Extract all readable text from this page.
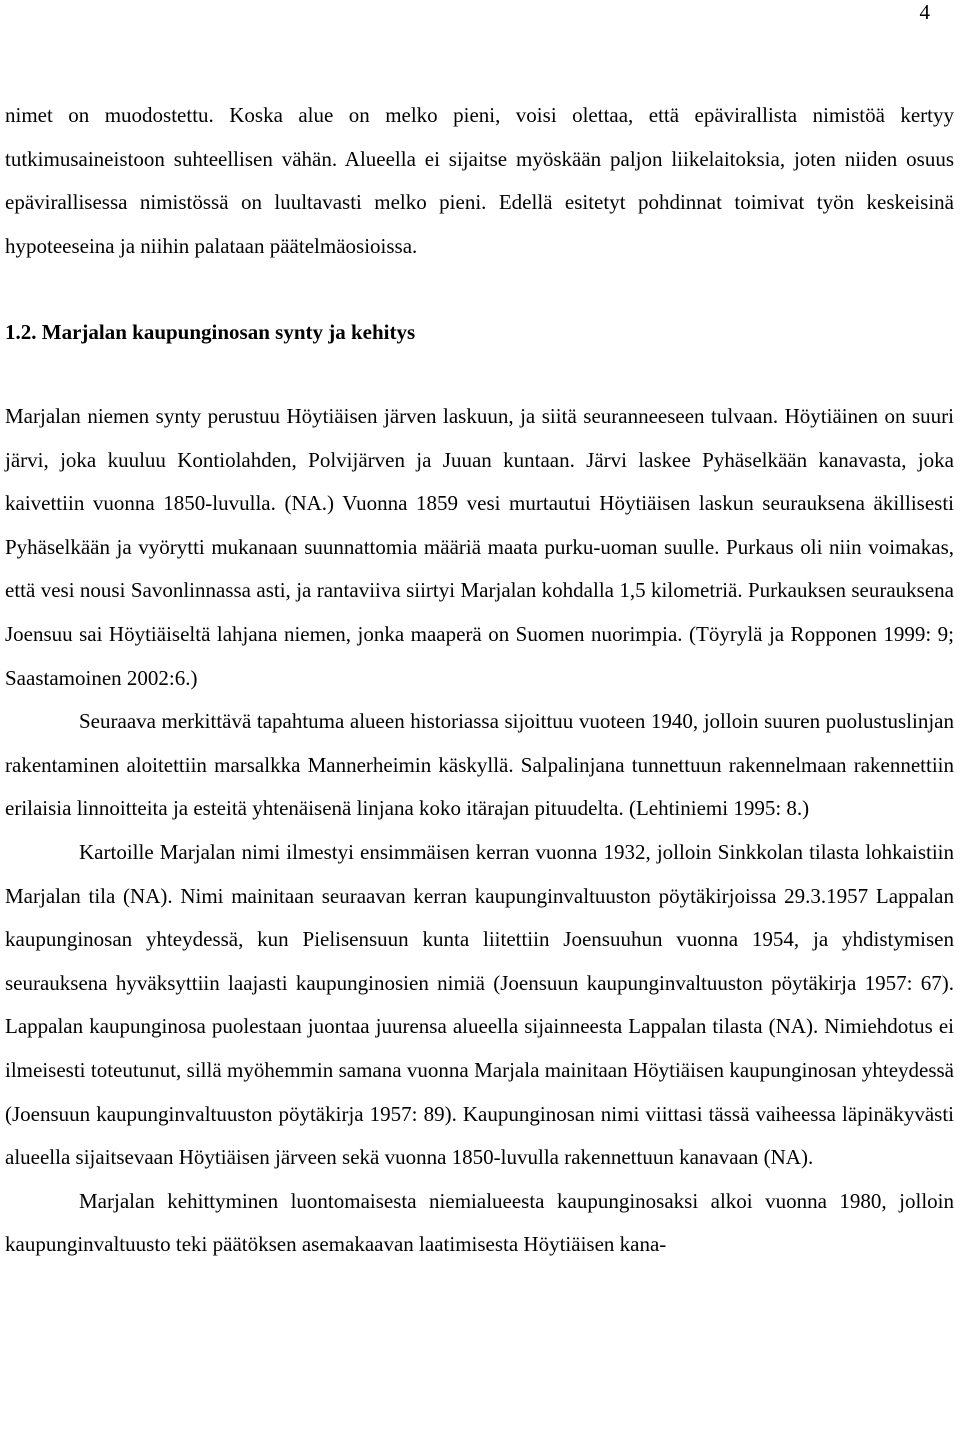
4

nimet on muodostettu. Koska alue on melko pieni, voisi olettaa, että epävirallista nimistöä kertyy tutkimusaineistoon suhteellisen vähän. Alueella ei sijaitse myöskään paljon liikelaitoksia, joten niiden osuus epävirallisessa nimistössä on luultavasti melko pieni. Edellä esitetyt pohdinnat toimivat työn keskeisinä hypoteeseina ja niihin palataan päätelmäosioissa.

1.2. Marjalan kaupunginosan synty ja kehitys

Marjalan niemen synty perustuu Höytiäisen järven laskuun, ja siitä seuranneeseen tulvaan. Höytiäinen on suuri järvi, joka kuuluu Kontiolahden, Polvijärven ja Juuan kuntaan. Järvi laskee Pyhäselkään kanavasta, joka kaivettiin vuonna 1850-luvulla. (NA.) Vuonna 1859 vesi murtautui Höytiäisen laskun seurauksena äkillisesti Pyhäselkään ja vyörytti mukanaan suunnattomia määriä maata purku-uoman suulle. Purkaus oli niin voimakas, että vesi nousi Savonlinnassa asti, ja rantaviiva siirtyi Marjalan kohdalla 1,5 kilometriä. Purkauksen seurauksena Joensuu sai Höytiäiseltä lahjana niemen, jonka maaperä on Suomen nuorimpia. (Töyrylä ja Ropponen 1999: 9; Saastamoinen 2002:6.)

Seuraava merkittävä tapahtuma alueen historiassa sijoittuu vuoteen 1940, jolloin suuren puolustuslinjan rakentaminen aloitettiin marsalkka Mannerheimin käskyllä. Salpalinjana tunnettuun rakennelmaan rakennettiin erilaisia linnoitteita ja esteitä yhtenäisenä linjana koko itärajan pituudelta. (Lehtiniemi 1995: 8.)

Kartoille Marjalan nimi ilmestyi ensimmäisen kerran vuonna 1932, jolloin Sinkkolan tilasta lohkaistiin Marjalan tila (NA). Nimi mainitaan seuraavan kerran kaupunginvaltuuston pöytäkirjoissa 29.3.1957 Lappalan kaupunginosan yhteydessä, kun Pielisensuun kunta liitettiin Joensuuhun vuonna 1954, ja yhdistymisen seurauksena hyväksyttiin laajasti kaupunginosien nimiä (Joensuun kaupunginvaltuuston pöytäkirja 1957: 67). Lappalan kaupunginosa puolestaan juontaa juurensa alueella sijainneesta Lappalan tilasta (NA). Nimiehdotus ei ilmeisesti toteutunut, sillä myöhemmin samana vuonna Marjala mainitaan Höytiäisen kaupunginosan yhteydessä (Joensuun kaupunginvaltuuston pöytäkirja 1957: 89). Kaupunginosan nimi viittasi tässä vaiheessa läpinäkyvästi alueella sijaitsevaan Höytiäisen järveen sekä vuonna 1850-luvulla rakennettuun kanavaan (NA).

Marjalan kehittyminen luontomaisesta niemialueesta kaupunginosaksi alkoi vuonna 1980, jolloin kaupunginvaltuusto teki päätöksen asemakaavan laatimisesta Höytiäisen kana-
